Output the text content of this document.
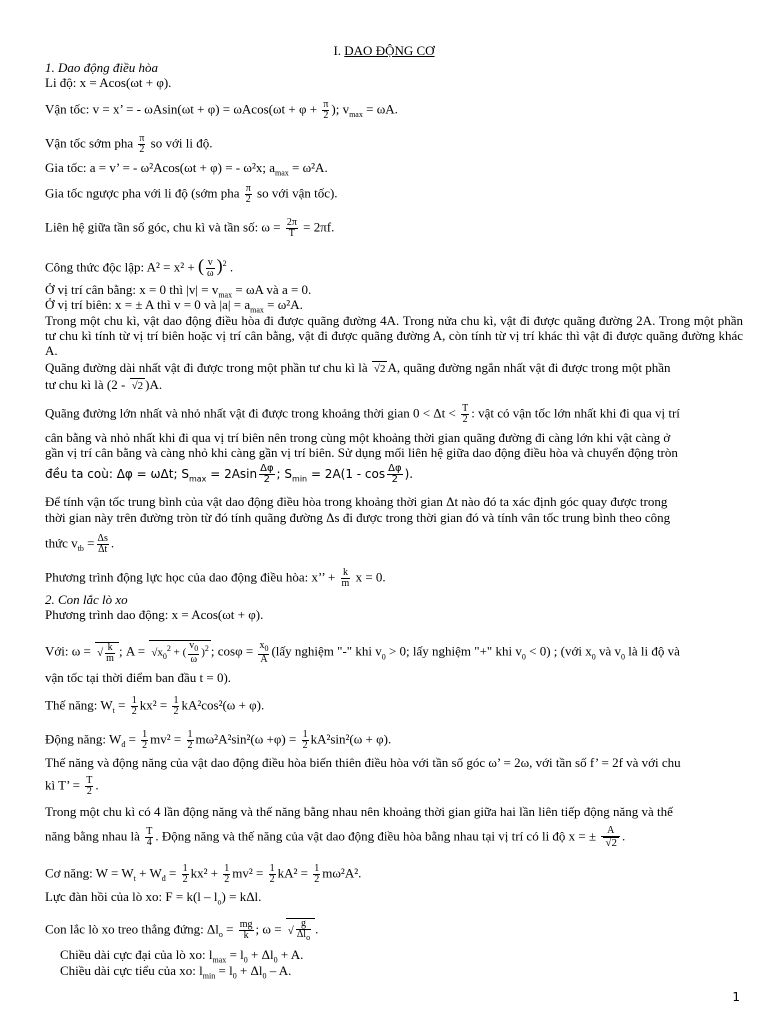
I. DAO ĐỘNG CƠ
1. Dao động điều hòa
Li độ: x = Acos(ωt + φ).
Vận tốc: v = x’ = - $\omega Asin(\omega t + \varphi) = \omega Acos(\omega t + \varphi + \frac{\pi}{2}$ ); $v_{max} = \omega A$.
Vận tốc sớm pha $\frac{\pi}{2}$ so với li độ.
Gia tốc: a = v’ = - ω²Acos(ωt + φ) = - ω²x; $a_{max} = \omega^2A$.
Gia tốc ngược pha với li độ (sớm pha $\frac{\pi}{2}$ so với vận tốc).
Liên hệ giữa tần số góc, chu kì và tần số: $\omega = \frac{2\pi}{T} = 2\pi f$.
Công thức độc lập: A² = x² + ( $\frac{v}{\omega} )^2$ .
Ở vị trí cân bằng: x = 0 thì $|v| = v_{max} = \omega A$ và a = 0.
Ở vị trí biên: x = ± A thì v = 0 và $|a| = a_{max} = \omega^2A$.
Trong một chu kì, vật dao động điều hòa đi được quãng đường 4A. Trong nửa chu kì, vật đi được quãng đường 2A. Trong một phần tư chu kì tính từ vị trí biên hoặc vị trí cân bằng, vật đi được quãng đường A, còn tính từ vị trí khác thì vật đi được quãng đường khác A.
Quãng đường dài nhất vật đi được trong một phần tư chu kì là √ 2 A, quãng đường ngắn nhất vật đi được trong một phần
tư chu kì là (2 - √ 2 )A.
Quãng đường lớn nhất và nhỏ nhất vật đi được trong khoảng thời gian $0 < \Delta t < \frac{T}{2}$ : vật có vận tốc lớn nhất khi đi qua vị trí
cân bằng và nhỏ nhất khi đi qua vị trí biên nên trong cùng một khoảng thời gian quãng đường đi càng lớn khi vật càng ở
gần vị trí cân bằng và càng nhỏ khi càng gần vị trí biên. Sử dụng mối liên hệ giữa dao động điều hòa và chuyển động tròn
đều ta coù: Δφ = ωΔt; $S_{max} = 2Asin \frac{\Delta\varphi}{2}$ ; $S_{min} = 2A(1 - \cos \frac{\Delta\varphi}{2}$ ).
Để tính vận tốc trung bình của vật dao động điều hòa trong khoảng thời gian Δt nào đó ta xác định góc quay được trong
thời gian này trên đường tròn từ đó tính quãng đường Δs đi được trong thời gian đó và tính vân tốc trung bình theo công
thức $v_{tb} = \frac{\Delta s}{\Delta t}$ .
Phương trình động lực học của dao động điều hòa: x’’ + $\frac{k}{m}$ x = 0.
2. Con lắc lò xo
Phương trình dao động: x = Acos(ωt + φ).
Với: ω = √ $\frac{k}{m}$ ; A = √ $x_0^2$ + ( $\frac{v_0}{\omega} )^2$ ; $\cos\varphi = \frac{x_0}{A}$ (lấy nghiệm "-" khi $v_0 > 0$; lấy nghiệm "+" khi $v_0 < 0$) ; (với $x_0$ và $v_0$ là li độ và
vận tốc tại thời điểm ban đầu t = 0).
Thế năng: $W_t = \frac{1}{2} kx^2 = \frac{1}{2} kA^2\cos^2(\omega + \varphi)$.
Động năng: $W_đ = \frac{1}{2} mv^2 = \frac{1}{2} m\omega^2A^2\sin^2(\omega +\varphi) = \frac{1}{2} kA^2\sin^2(\omega + \varphi)$.
Thế năng và động năng của vật dao động điều hòa biến thiên điều hòa với tần số góc ω’ = 2ω, với tần số f’ = 2f và với chu
kì T’ = $\frac{T}{2}$ .
Trong một chu kì có 4 lần động năng và thế năng bằng nhau nên khoảng thời gian giữa hai lần liên tiếp động năng và thế
năng bằng nhau là $\frac{T}{4}$ . Động năng và thế năng của vật dao động điều hòa bằng nhau tại vị trí có li độ x = ± A
√ 2 .
Cơ năng: $W = W_t + W_đ = \frac{1}{2} kx^2 + \frac{1}{2} mv^2 = \frac{1}{2} kA^2 = \frac{1}{2} m\omega^2A^2$.
Lực đàn hồi của lò xo: $F = k(l - l_o) = k\Delta l$.
Con lắc lò xo treo thẳng đứng: $\Delta l_o = \frac{mg}{k}$ ; ω = √ $\frac{g}{\Delta l_o}$ .
Chiều dài cực đại của lò xo: $l_{max} = l_0 + \Delta l_0 + A$.
Chiều dài cực tiểu của xo: $l_{min} = l_0 + \Delta l_0 - A$.
1
